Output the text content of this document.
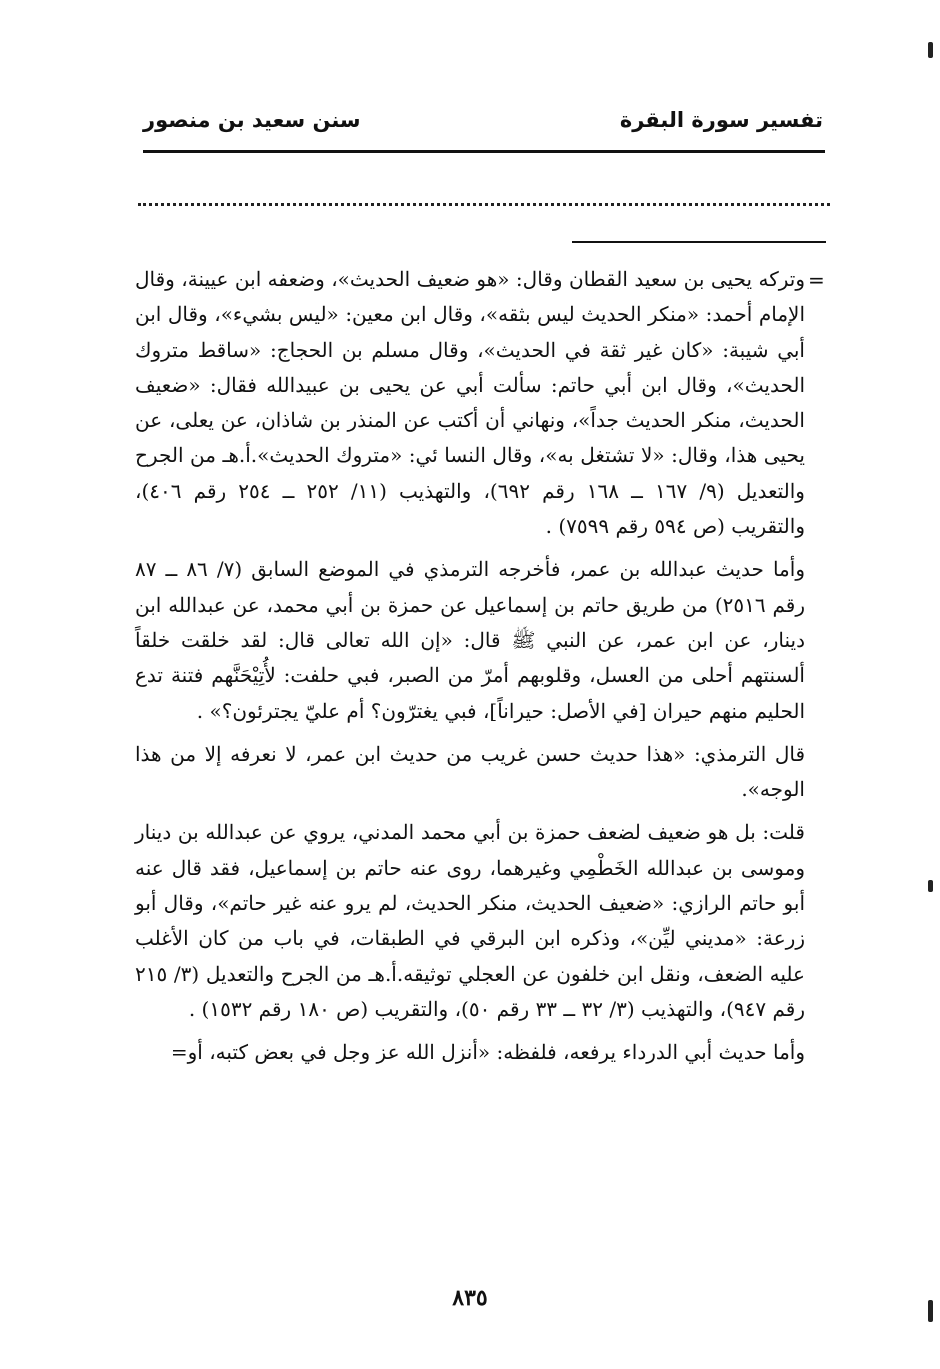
تفسير سورة البقرة
سنن سعيد بن منصور
=

وتركه يحيى بن سعيد القطان وقال: «هو ضعيف الحديث»، وضعفه ابن عيينة، وقال الإمام أحمد: «منكر الحديث ليس بثقه»، وقال ابن معين: «ليس بشيء»، وقال ابن أبي شيبة: «كان غير ثقة في الحديث»، وقال مسلم بن الحجاج: «ساقط متروك الحديث»، وقال ابن أبي حاتم: سألت أبي عن يحيى بن عبيدالله فقال: «ضعيف الحديث، منكر الحديث جداً»، ونهاني أن أكتب عن المنذر بن شاذان، عن يعلى، عن يحيى هذا، وقال: «لا تشتغل به»، وقال النسا ئي: «متروك الحديث».أ.هـ من الجرح والتعديل (٩/ ١٦٧ ــ ١٦٨ رقم ٦٩٢)، والتهذيب (١١/ ٢٥٢ ــ ٢٥٤ رقم ٤٠٦)، والتقريب (ص ٥٩٤ رقم ٧٥٩٩) .

وأما حديث عبدالله بن عمر، فأخرجه الترمذي في الموضع السابق (٧/ ٨٦ ــ ٨٧ رقم ٢٥١٦) من طريق حاتم بن إسماعيل عن حمزة بن أبي محمد، عن عبدالله ابن دينار، عن ابن عمر، عن النبي ﷺ قال: «إن الله تعالى قال: لقد خلقت خلقاً ألسنتهم أحلى من العسل، وقلوبهم أمرّ من الصبر، فبي حلفت: لأُتِيْحَنَّهم فتنة تدع الحليم منهم حيران [في الأصل: حيراناً]، فبي يغترّون؟ أم عليّ يجترئون؟» .

قال الترمذي: «هذا حديث حسن غريب من حديث ابن عمر، لا نعرفه إلا من هذا الوجه».

قلت: بل هو ضعيف لضعف حمزة بن أبي محمد المدني، يروي عن عبدالله بن دينار وموسى بن عبدالله الخَطْمِي وغيرهما، روى عنه حاتم بن إسماعيل، فقد قال عنه أبو حاتم الرازي: «ضعيف الحديث، منكر الحديث، لم يرو عنه غير حاتم»، وقال أبو زرعة: «مديني ليِّن»، وذكره ابن البرقي في الطبقات، في باب من كان الأغلب عليه الضعف، ونقل ابن خلفون عن العجلي توثيقه.أ.هـ من الجرح والتعديل (٣/ ٢١٥ رقم ٩٤٧)، والتهذيب (٣/ ٣٢ ــ ٣٣ رقم ٥٠)، والتقريب (ص ١٨٠ رقم ١٥٣٢) .

وأما حديث أبي الدرداء يرفعه، فلفظه: «أنزل الله عز وجل في بعض كتبه، أو=

٨٣٥
